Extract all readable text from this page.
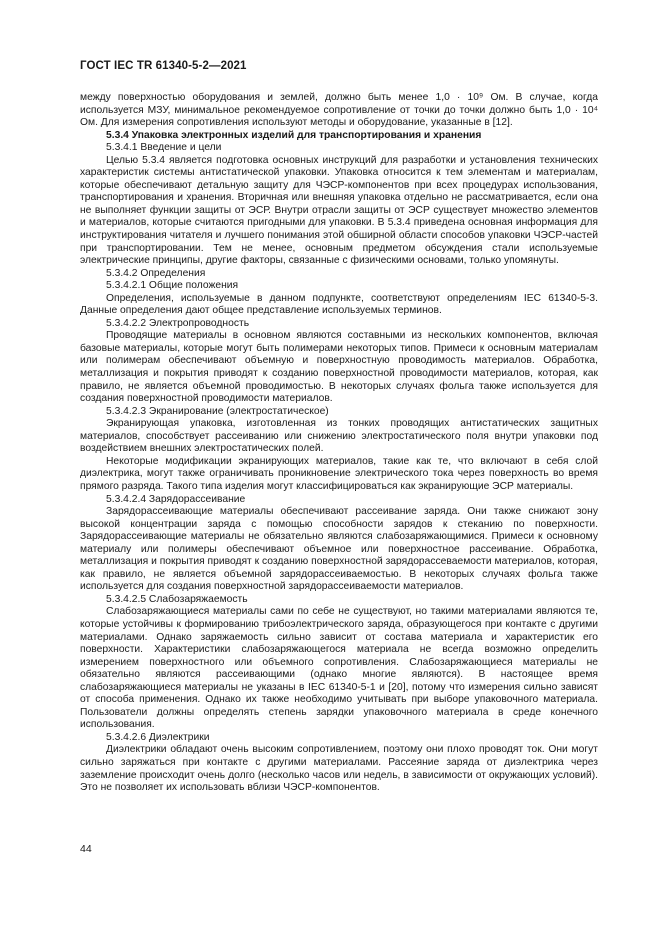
ГОСТ IEC TR 61340-5-2—2021

между поверхностью оборудования и землей, должно быть менее 1,0 · 10⁹ Ом. В случае, когда используется МЗУ, минимальное рекомендуемое сопротивление от точки до точки должно быть 1,0 · 10⁴ Ом. Для измерения сопротивления используют методы и оборудование, указанные в [12].

5.3.4 Упаковка электронных изделий для транспортирования и хранения

5.3.4.1 Введение и цели

Целью 5.3.4 является подготовка основных инструкций для разработки и установления технических характеристик системы антистатической упаковки. Упаковка относится к тем элементам и материалам, которые обеспечивают детальную защиту для ЧЭСР-компонентов при всех процедурах использования, транспортирования и хранения. Вторичная или внешняя упаковка отдельно не рассматривается, если она не выполняет функции защиты от ЭСР. Внутри отрасли защиты от ЭСР существует множество элементов и материалов, которые считаются пригодными для упаковки. В 5.3.4 приведена основная информация для инструктирования читателя и лучшего понимания этой обширной области способов упаковки ЧЭСР-частей при транспортировании. Тем не менее, основным предметом обсуждения стали используемые электрические принципы, другие факторы, связанные с физическими основами, только упомянуты.

5.3.4.2 Определения

5.3.4.2.1 Общие положения

Определения, используемые в данном подпункте, соответствуют определениям IEC 61340-5-3. Данные определения дают общее представление используемых терминов.

5.3.4.2.2 Электропроводность

Проводящие материалы в основном являются составными из нескольких компонентов, включая базовые материалы, которые могут быть полимерами некоторых типов. Примеси к основным материалам или полимерам обеспечивают объемную и поверхностную проводимость материалов. Обработка, металлизация и покрытия приводят к созданию поверхностной проводимости материалов, которая, как правило, не является объемной проводимостью. В некоторых случаях фольга также используется для создания поверхностной проводимости материалов.

5.3.4.2.3 Экранирование (электростатическое)

Экранирующая упаковка, изготовленная из тонких проводящих антистатических защитных материалов, способствует рассеиванию или снижению электростатического поля внутри упаковки под воздействием внешних электростатических полей.

Некоторые модификации экранирующих материалов, такие как те, что включают в себя слой диэлектрика, могут также ограничивать проникновение электрического тока через поверхность во время прямого разряда. Такого типа изделия могут классифицироваться как экранирующие ЭСР материалы.

5.3.4.2.4 Зарядорассеивание

Зарядорассеивающие материалы обеспечивают рассеивание заряда. Они также снижают зону высокой концентрации заряда с помощью способности зарядов к стеканию по поверхности. Зарядорассеивающие материалы не обязательно являются слабозаряжающимися. Примеси к основному материалу или полимеры обеспечивают объемное или поверхностное рассеивание. Обработка, металлизация и покрытия приводят к созданию поверхностной зарядорассеваемости материалов, которая, как правило, не является объемной зарядорассеиваемостью. В некоторых случаях фольга также используется для создания поверхностной зарядорассеиваемости материалов.

5.3.4.2.5 Слабозаряжаемость

Слабозаряжающиеся материалы сами по себе не существуют, но такими материалами являются те, которые устойчивы к формированию трибоэлектрического заряда, образующегося при контакте с другими материалами. Однако заряжаемость сильно зависит от состава материала и характеристик его поверхности. Характеристики слабозаряжающегося материала не всегда возможно определить измерением поверхностного или объемного сопротивления. Слабозаряжающиеся материалы не обязательно являются рассеивающими (однако многие являются). В настоящее время слабозаряжающиеся материалы не указаны в IEC 61340-5-1 и [20], потому что измерения сильно зависят от способа применения. Однако их также необходимо учитывать при выборе упаковочного материала. Пользователи должны определять степень зарядки упаковочного материала в среде конечного использования.

5.3.4.2.6 Диэлектрики

Диэлектрики обладают очень высоким сопротивлением, поэтому они плохо проводят ток. Они могут сильно заряжаться при контакте с другими материалами. Рассеяние заряда от диэлектрика через заземление происходит очень долго (несколько часов или недель, в зависимости от окружающих условий). Это не позволяет их использовать вблизи ЧЭСР-компонентов.

44
